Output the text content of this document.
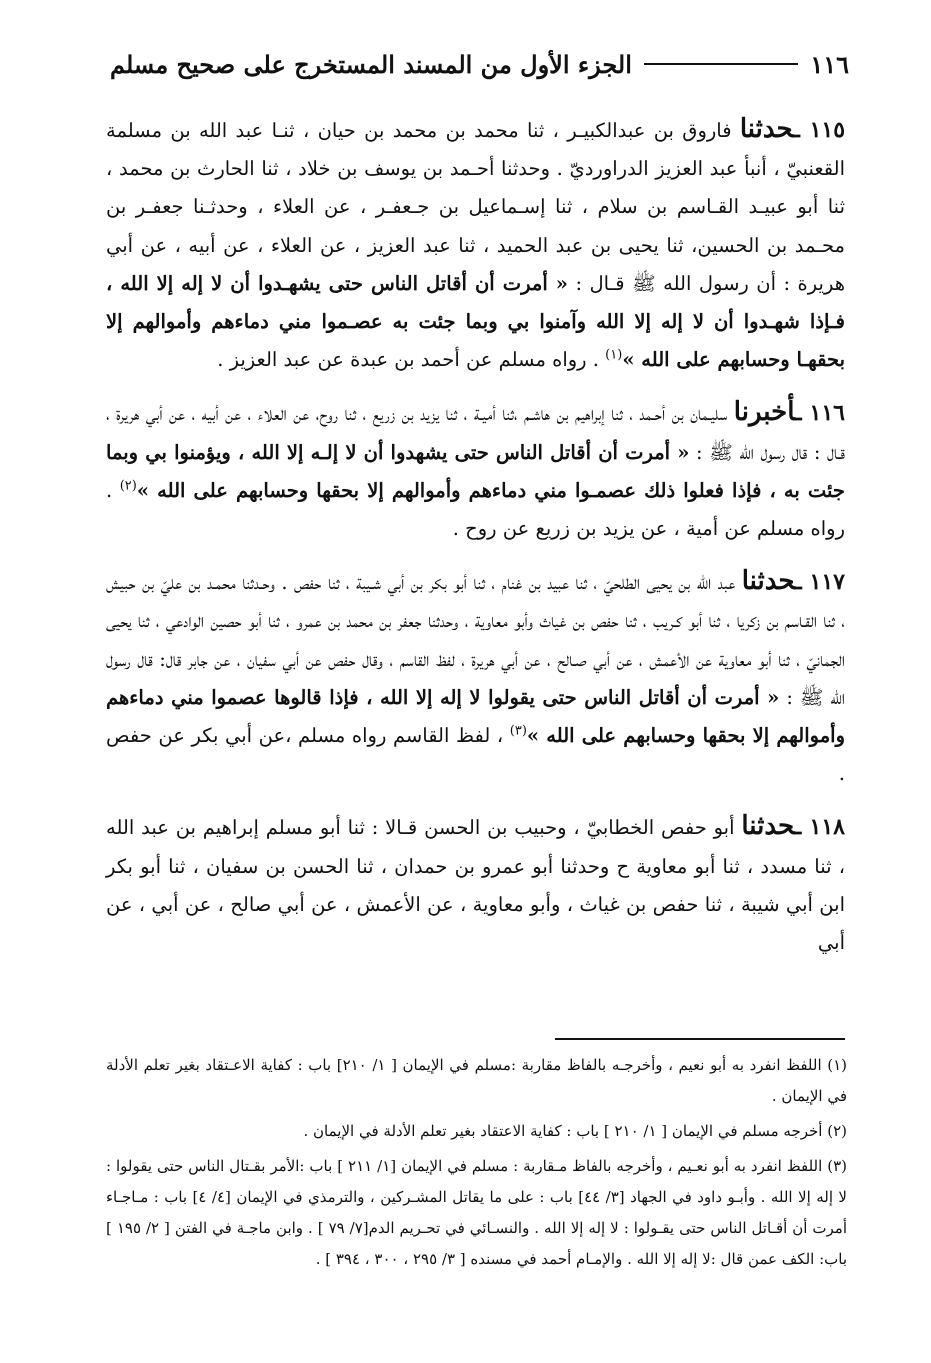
١١٦
الجزء الأول من المسند المستخرج على صحيح مسلم

١١٥ ـحدثنا فاروق بن عبدالكبيـر ، ثنا محمد بن محمد بن حيان ، ثنـا عبد الله بن مسلمة القعنبيّ ، أنبأ عبد العزيز الدراورديّ . وحدثنا أحـمد بن يوسف بن خلاد ، ثنا الحارث بن محمد ، ثنا أبو عبيـد القـاسم بن سلام ، ثنا إسـماعيل بن جـعفـر ، عن العلاء ، وحدثـنا جعفـر بن محـمد بن الحسين، ثنا يحيى بن عبد الحميد ، ثنا عبد العزيز ، عن العلاء ، عن أبيه ، عن أبي هريرة : أن رسول الله ﷺ قـال : « أمرت أن أقاتل الناس حتى يشهـدوا أن لا إله إلا الله ، فـإذا شهـدوا أن لا إله إلا الله وآمنوا بي وبما جئت به عصـموا مني دماءهم وأموالهم إلا بحقهـا وحسابهم على الله »$^{(١)}$ . رواه مسلم عن أحمد بن عبدة عن عبد العزيز .

١١٦ ـأخبرنا سليـمان بن أحـمد ، ثنا إبراهيم بن هاشـم ،ثنا أميـة ، ثنا يزيد بن زريع ، ثنا روح، عن العلاء ، عن أبيه ، عن أبي هريرة ، قـال : قال رسول الله ﷺ : « أمرت أن أقاتل الناس حتى يشهدوا أن لا إلـه إلا الله ، ويؤمنوا بي وبما جئت به ، فإذا فعلوا ذلك عصمـوا مني دماءهم وأموالهم إلا بحقها وحسابهم على الله »$^{(٢)}$ . رواه مسلم عن أمية ، عن يزيد بن زريع عن روح .

١١٧ ـحدثنا عبد الله بن يحيى الطلحيّ ، ثنا عبيد بن غنام ، ثنا أبو بكر بن أبي شـيبة ، ثنا حفص . وحـدثنا محمـد بن عليّ بن حبيش ، ثنا القـاسم بن زكريا ، ثنا أبو كـريب ، ثنا حفص بن غياث وأبو معاوية ، وحدثنا جعفر بن محمد بن عمرو ، ثنا أبو حصين الوادعي ، ثنا يحيى الجمانيّ ، ثنا أبو معاوية عن الأعمش ، عن أبي صـالح ، عن أبي هريرة ، لفظ القاسم ، وقال حفص عن أبي سفيان ، عن جابر قال: قال رسول الله ﷺ : « أمرت أن أقاتل الناس حتى يقولوا لا إله إلا الله ، فإذا قالوها عصموا مني دماءهم وأموالهم إلا بحقها وحسابهم على الله »$^{(٣)}$ ، لفظ القاسم رواه مسلم ،عن أبي بكر عن حفص .

١١٨ ـحدثنا أبو حفص الخطابيّ ، وحبيب بن الحسن قـالا : ثنا أبو مسلم إبراهيم بن عبد الله ، ثنا مسدد ، ثنا أبو معاوية ح وحدثنا أبو عمرو بن حمدان ، ثنا الحسن بن سفيان ، ثنا أبو بكر ابن أبي شيبة ، ثنا حفص بن غياث ، وأبو معاوية ، عن الأعمش ، عن أبي صالح ، عن أبي ، عن أبي

(١) اللفظ انفرد به أبو نعيم ، وأخرجـه بالفاظ مقاربة :مسلم في الإيمان [ ١/ ٢١٠] باب : كفاية الاعـتقاد بغير تعلم الأدلة في الإيمان .

(٢) أخرجه مسلم في الإيمان [ ١/ ٢١٠ ] باب : كفاية الاعتقاد بغير تعلم الأدلة في الإيمان .

(٣) اللفظ انفرد به أبو نعـيم ، وأخرجه بالفاظ مـقاربة : مسلم في الإيمان [١/ ٢١١ ] باب :الأمر بقـتال الناس حتى يقولوا : لا إله إلا الله . وأبـو داود في الجهاد [٣/ ٤٤] باب : على ما يقاتل المشـركين ، والترمذي في الإيمان [٤/ ٤] باب : مـاجـاء أمرت أن أقـاتل الناس حتى يقـولوا : لا إله إلا الله . والنسـائي في تحـريم الدم[٧/ ٧٩ ] . وابن ماجـة في الفتن [ ٢/ ١٩٥ ] باب: الكف عمن قال :لا إله إلا الله . والإمـام أحمد في مسنده [ ٣/ ٢٩٥ ، ٣٠٠ ، ٣٩٤ ] .
